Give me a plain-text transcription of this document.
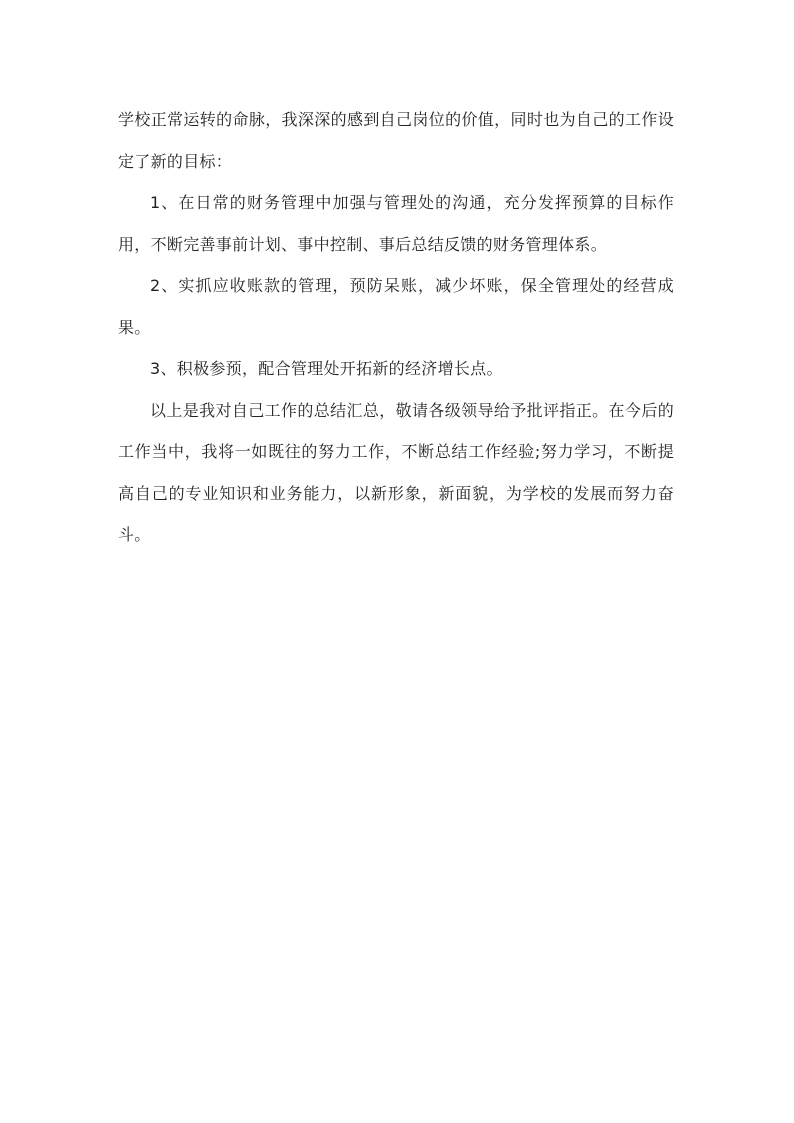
学校正常运转的命脉，我深深的感到自己岗位的价值，同时也为自己的工作设定了新的目标：

1、在日常的财务管理中加强与管理处的沟通，充分发挥预算的目标作用，不断完善事前计划、事中控制、事后总结反馈的财务管理体系。

2、实抓应收账款的管理，预防呆账，减少坏账，保全管理处的经营成果。

3、积极参预，配合管理处开拓新的经济增长点。

以上是我对自己工作的总结汇总，敬请各级领导给予批评指正。在今后的工作当中，我将一如既往的努力工作，不断总结工作经验;努力学习，不断提高自己的专业知识和业务能力，以新形象，新面貌，为学校的发展而努力奋斗。
